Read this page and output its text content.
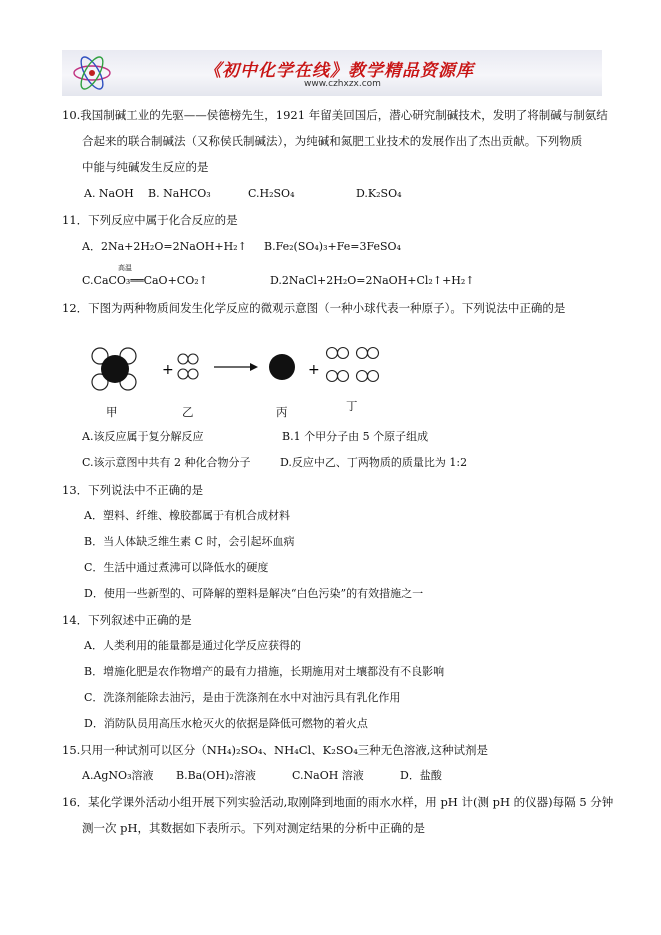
《初中化学在线》教学精品资源库
www.czhxzx.com
10.我国制碱工业的先驱——侯德榜先生，1921 年留美回国后，潜心研究制碱技术，发明了将制碱与制氨结
合起来的联合制碱法（又称侯氏制碱法），为纯碱和氮肥工业技术的发展作出了杰出贡献。下列物质
中能与纯碱发生反应的是
A. NaOH B. NaHCO₃	C.H₂SO₄	D.K₂SO₄
11．下列反应中属于化合反应的是
A．2Na+2H₂O=2NaOH+H₂↑ B.Fe₂(SO₄)₃+Fe=3FeSO₄
高温
C.CaCO₃══CaO+CO₂↑	D.2NaCl+2H₂O=2NaOH+Cl₂↑+H₂↑
12．下图为两种物质间发生化学反应的微观示意图（一种小球代表一种原子）。下列说法中正确的是
+	+
甲	乙	丙	丁
A.该反应属于复分解反应	B.1 个甲分子由 5 个原子组成
C.该示意图中共有 2 种化合物分子	D.反应中乙、丁两物质的质量比为 1:2
13．下列说法中不正确的是
A．塑料、纤维、橡胶都属于有机合成材料
B．当人体缺乏维生素 C 时，会引起坏血病
C．生活中通过煮沸可以降低水的硬度
D．使用一些新型的、可降解的塑料是解决“白色污染”的有效措施之一
14．下列叙述中正确的是
A．人类利用的能量都是通过化学反应获得的
B．增施化肥是农作物增产的最有力措施，长期施用对土壤都没有不良影响
C．洗涤剂能除去油污，是由于洗涤剂在水中对油污具有乳化作用
D．消防队员用高压水枪灭火的依据是降低可燃物的着火点
15.只用一种试剂可以区分（NH₄)₂SO₄、NH₄Cl、K₂SO₄三种无色溶液,这种试剂是
A.AgNO₃溶液 B.Ba(OH)₂溶液	C.NaOH 溶液	D．盐酸
16．某化学课外活动小组开展下列实验活动,取刚降到地面的雨水水样，用 pH 计(测 pH 的仪器)每隔 5 分钟
测一次 pH，其数据如下表所示。下列对测定结果的分析中正确的是
